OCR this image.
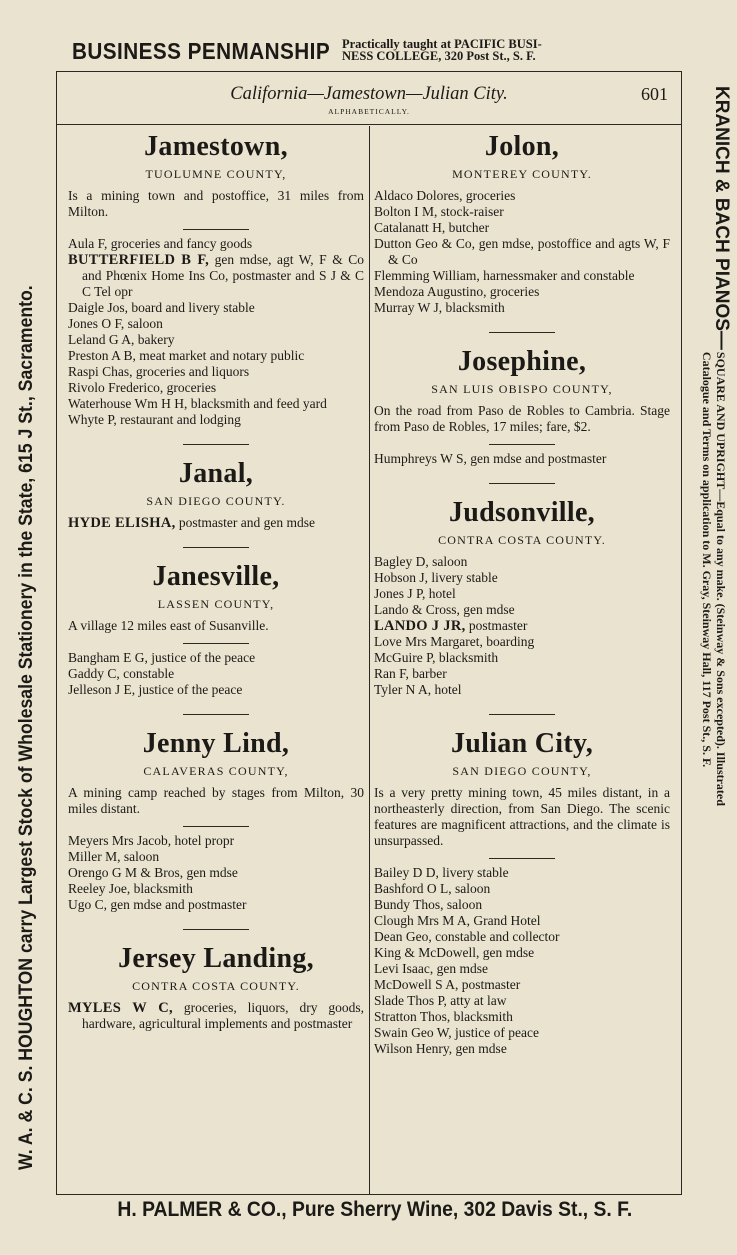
BUSINESS PENMANSHIP Practically taught at PACIFIC BUSI-
NESS COLLEGE, 320 Post St., S. F.
W. A. & C. S. HOUGHTON carry Largest Stock of Wholesale Stationery in the State, 615 J St., Sacramento.
KRANICH & BACH PIANOS—SQUARE AND UPRIGHT—Equal to any make. (Steinway & Sons excepted). Illustrated
Catalogue and Terms on application to M. Gray, Steinway Hall, 117 Post St., S. F.
California—Jamestown—Julian City.
ALPHABETICALLY.
601
Jamestown,
TUOLUMNE COUNTY,
Is a mining town and postoffice, 31 miles from Milton.
Aula F, groceries and fancy goods
BUTTERFIELD B F, gen mdse, agt W, F & Co and Phœnix Home Ins Co, postmaster and S J & C C Tel opr
Daigle Jos, board and livery stable
Jones O F, saloon
Leland G A, bakery
Preston A B, meat market and notary public
Raspi Chas, groceries and liquors
Rivolo Frederico, groceries
Waterhouse Wm H H, blacksmith and feed yard
Whyte P, restaurant and lodging
Janal,
SAN DIEGO COUNTY.
HYDE ELISHA, postmaster and gen mdse
Janesville,
LASSEN COUNTY,
A village 12 miles east of Susanville.
Bangham E G, justice of the peace
Gaddy C, constable
Jelleson J E, justice of the peace
Jenny Lind,
CALAVERAS COUNTY,
A mining camp reached by stages from Milton, 30 miles distant.
Meyers Mrs Jacob, hotel propr
Miller M, saloon
Orengo G M & Bros, gen mdse
Reeley Joe, blacksmith
Ugo C, gen mdse and postmaster
Jersey Landing,
CONTRA COSTA COUNTY.
MYLES W C, groceries, liquors, dry goods, hardware, agricultural implements and postmaster
Jolon,
MONTEREY COUNTY.
Aldaco Dolores, groceries
Bolton I M, stock-raiser
Catalanatt H, butcher
Dutton Geo & Co, gen mdse, postoffice and agts W, F & Co
Flemming William, harnessmaker and constable
Mendoza Augustino, groceries
Murray W J, blacksmith
Josephine,
SAN LUIS OBISPO COUNTY,
On the road from Paso de Robles to Cambria. Stage from Paso de Robles, 17 miles; fare, $2.
Humphreys W S, gen mdse and postmaster
Judsonville,
CONTRA COSTA COUNTY.
Bagley D, saloon
Hobson J, livery stable
Jones J P, hotel
Lando & Cross, gen mdse
LANDO J JR, postmaster
Love Mrs Margaret, boarding
McGuire P, blacksmith
Ran F, barber
Tyler N A, hotel
Julian City,
SAN DIEGO COUNTY,
Is a very pretty mining town, 45 miles distant, in a northeasterly direction, from San Diego. The scenic features are magnificent attractions, and the climate is unsurpassed.
Bailey D D, livery stable
Bashford O L, saloon
Bundy Thos, saloon
Clough Mrs M A, Grand Hotel
Dean Geo, constable and collector
King & McDowell, gen mdse
Levi Isaac, gen mdse
McDowell S A, postmaster
Slade Thos P, atty at law
Stratton Thos, blacksmith
Swain Geo W, justice of peace
Wilson Henry, gen mdse
H. PALMER & CO., Pure Sherry Wine, 302 Davis St., S. F.
